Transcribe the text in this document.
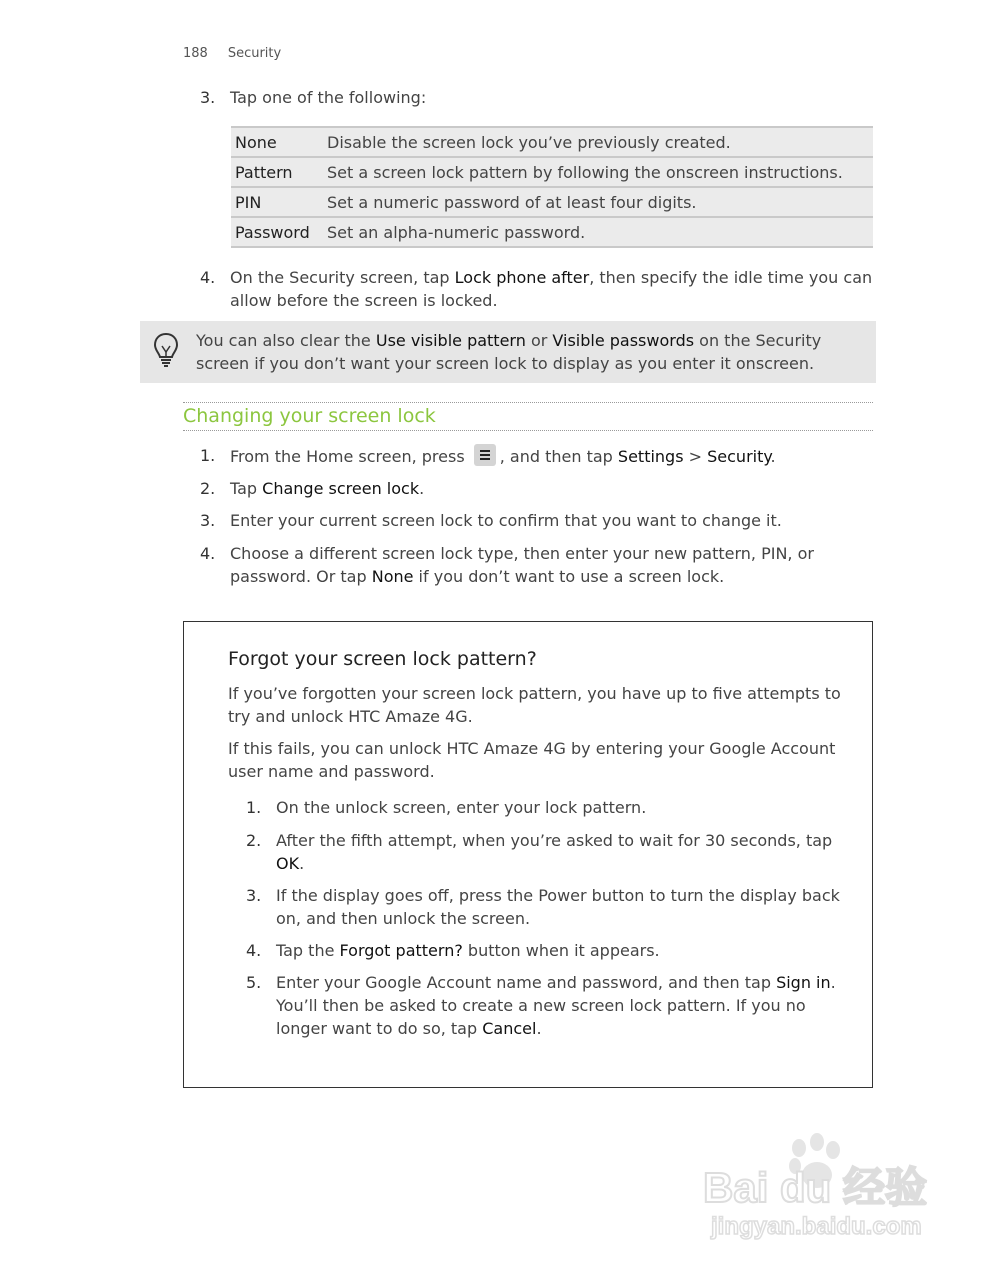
188 Security
3. Tap one of the following:
None	Disable the screen lock you’ve previously created.
Pattern	Set a screen lock pattern by following the onscreen instructions.
PIN	Set a numeric password of at least four digits.
Password	Set an alpha-numeric password.
4. On the Security screen, tap Lock phone after, then specify the idle time you can
allow before the screen is locked.
You can also clear the Use visible pattern or Visible passwords on the Security
screen if you don’t want your screen lock to display as you enter it onscreen.
Changing your screen lock
1. From the Home screen, press
, and then tap Settings > Security.
2. Tap Change screen lock.
3. Enter your current screen lock to confirm that you want to change it.
4. Choose a different screen lock type, then enter your new pattern, PIN, or
password. Or tap None if you don’t want to use a screen lock.
Forgot your screen lock pattern?

If you’ve forgotten your screen lock pattern, you have up to five attempts to
try and unlock HTC Amaze 4G.

If this fails, you can unlock HTC Amaze 4G by entering your Google Account
user name and password.

1. On the unlock screen, enter your lock pattern.
2. After the fifth attempt, when you’re asked to wait for 30 seconds, tap
OK.
3. If the display goes off, press the Power button to turn the display back
on, and then unlock the screen.
4. Tap the Forgot pattern? button when it appears.
5. Enter your Google Account name and password, and then tap Sign in.
You’ll then be asked to create a new screen lock pattern. If you no
longer want to do so, tap Cancel.
Bai du 经验
jingyan.baidu.com
